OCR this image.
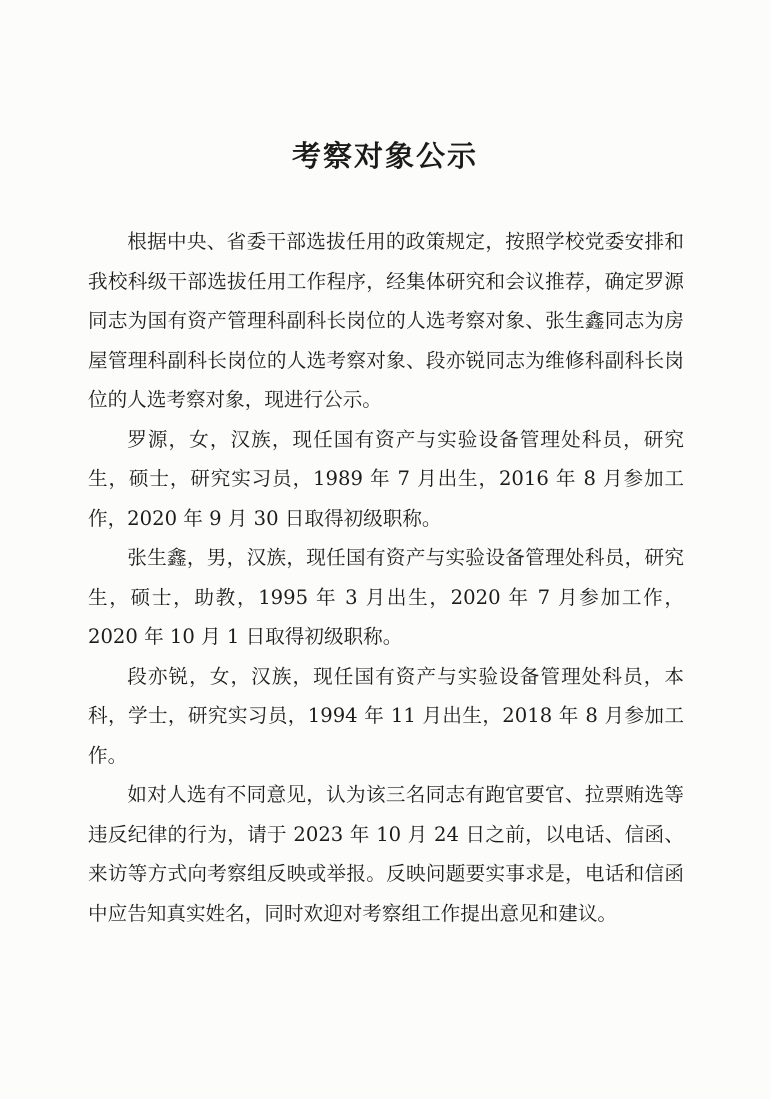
考察对象公示

根据中央、省委干部选拔任用的政策规定，按照学校党委安排和我校科级干部选拔任用工作程序，经集体研究和会议推荐，确定罗源同志为国有资产管理科副科长岗位的人选考察对象、张生鑫同志为房屋管理科副科长岗位的人选考察对象、段亦锐同志为维修科副科长岗位的人选考察对象，现进行公示。

罗源，女，汉族，现任国有资产与实验设备管理处科员，研究生，硕士，研究实习员，1989 年 7 月出生，2016 年 8 月参加工作，2020 年 9 月 30 日取得初级职称。

张生鑫，男，汉族，现任国有资产与实验设备管理处科员，研究生，硕士，助教，1995 年 3 月出生，2020 年 7 月参加工作，2020 年 10 月 1 日取得初级职称。

段亦锐，女，汉族，现任国有资产与实验设备管理处科员，本科，学士，研究实习员，1994 年 11 月出生，2018 年 8 月参加工作。

如对人选有不同意见，认为该三名同志有跑官要官、拉票贿选等违反纪律的行为，请于 2023 年 10 月 24 日之前，以电话、信函、来访等方式向考察组反映或举报。反映问题要实事求是，电话和信函中应告知真实姓名，同时欢迎对考察组工作提出意见和建议。
